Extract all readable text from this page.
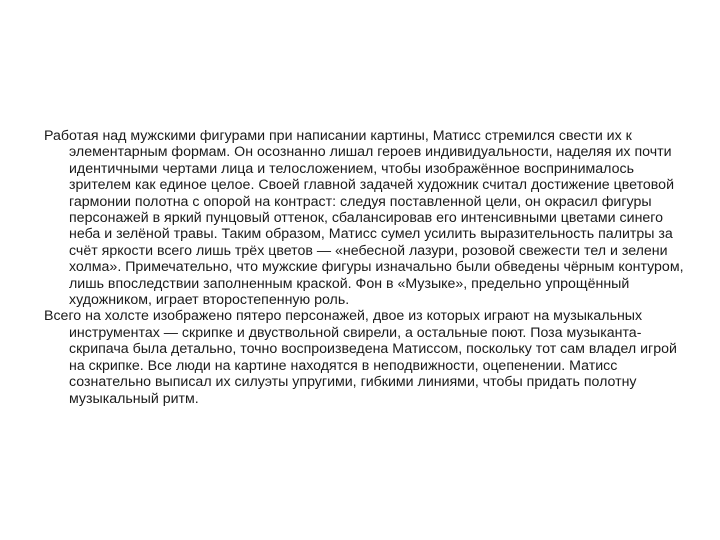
Работая над мужскими фигурами при написании картины, Матисс стремился свести их к элементарным формам. Он осознанно лишал героев индивидуальности, наделяя их почти идентичными чертами лица и телосложением, чтобы изображённое воспринималось зрителем как единое целое. Своей главной задачей художник считал достижение цветовой гармонии полотна с опорой на контраст: следуя поставленной цели, он окрасил фигуры персонажей в яркий пунцовый оттенок, сбалансировав его интенсивными цветами синего неба и зелёной травы. Таким образом, Матисс сумел усилить выразительность палитры за счёт яркости всего лишь трёх цветов — «небесной лазури, розовой свежести тел и зелени холма». Примечательно, что мужские фигуры изначально были обведены чёрным контуром, лишь впоследствии заполненным краской. Фон в «Музыке», предельно упрощённый художником, играет второстепенную роль.

Всего на холсте изображено пятеро персонажей, двое из которых играют на музыкальных инструментах — скрипке и двуствольной свирели, а остальные поют. Поза музыканта-скрипача была детально, точно воспроизведена Матиссом, поскольку тот сам владел игрой на скрипке. Все люди на картине находятся в неподвижности, оцепенении. Матисс сознательно выписал их силуэты упругими, гибкими линиями, чтобы придать полотну музыкальный ритм.
